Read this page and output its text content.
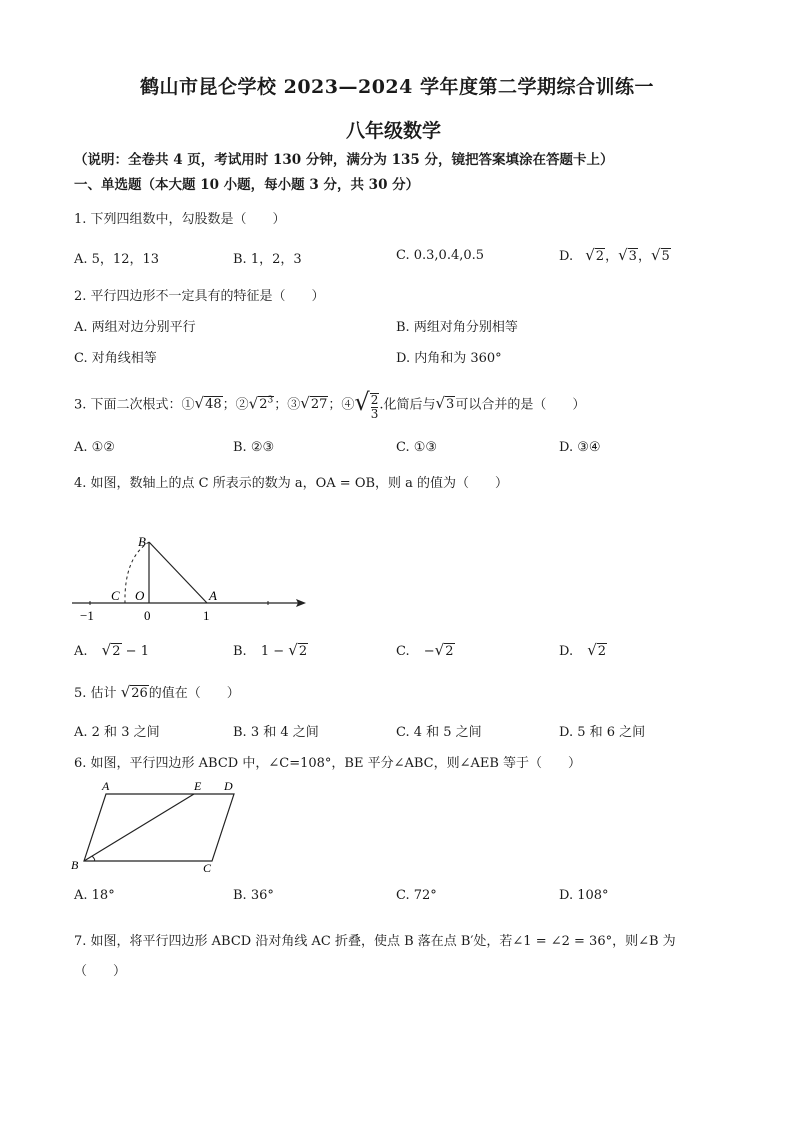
鹤山市昆仑学校 2023—2024 学年度第二学期综合训练一
八年级数学
（说明：全卷共 4 页，考试用时 130 分钟，满分为 135 分，镜把答案填涂在答题卡上）
一、单选题（本大题 10 小题，每小题 3 分，共 30 分）
1. 下列四组数中，勾股数是（　　）
A. 5，12，13	B. 1，2，3	C. 0.3,0.4,0.5	D. √2，√3，√5
2. 平行四边形不一定具有的特征是（　　）
A. 两组对边分别平行	B. 两组对角分别相等
C. 对角线相等	D. 内角和为 360°
3. 下面二次根式：①√48；$②√2^3$；③√27；④√ $\frac{2}{3}$ .化简后与√3可以合并的是（　　）
A. ①②	B. ②③	C. ①③	D. ③④
4. 如图，数轴上的点 C 所表示的数为 a，OA = OB，则 a 的值为（　　）
B
C O	A
−1	0	1
A. √2 − 1	B. 1 − √2	C. −√2	D. √2
5. 估计 √26的值在（　　）
A. 2 和 3 之间	B. 3 和 4 之间	C. 4 和 5 之间	D. 5 和 6 之间
6. 如图，平行四边形 ABCD 中，∠C=108°，BE 平分∠ABC，则∠AEB 等于（　　）
A	E D
B	C
A. 18°	B. 36°	C. 72°	D. 108°
7. 如图，将平行四边形 ABCD 沿对角线 AC 折叠，使点 B 落在点 B′处，若∠1 = ∠2 = 36°，则∠B 为
（　　）
